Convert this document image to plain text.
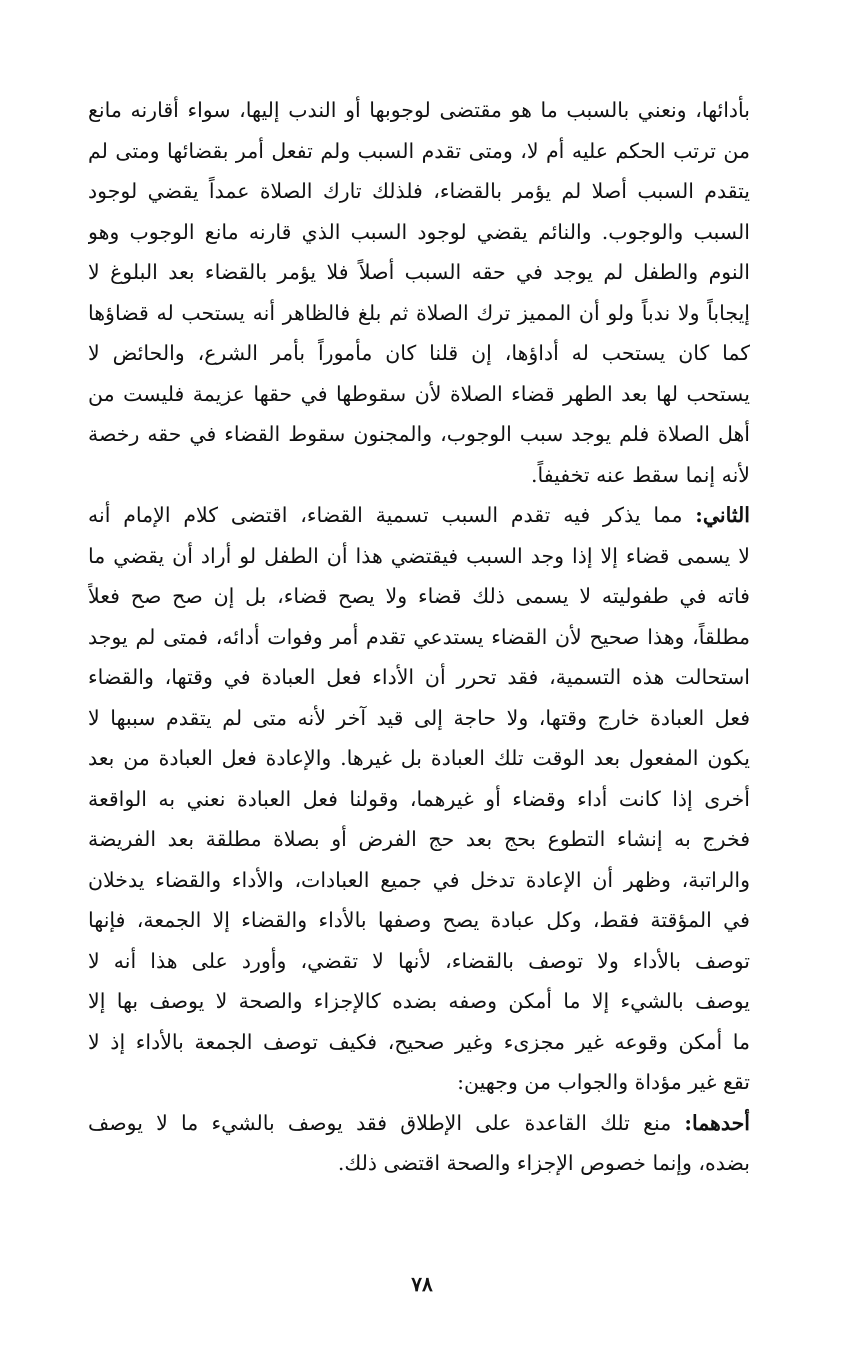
بأدائها، ونعني بالسبب ما هو مقتضى لوجوبها أو الندب إليها، سواء أقارنه مانع
من ترتب الحكم عليه أم لا، ومتى تقدم السبب ولم تفعل أمر بقضائها ومتى لم
يتقدم السبب أصلا لم يؤمر بالقضاء، فلذلك تارك الصلاة عمداً يقضي لوجود
السبب والوجوب. والنائم يقضي لوجود السبب الذي قارنه مانع الوجوب وهو
النوم والطفل لم يوجد في حقه السبب أصلاً فلا يؤمر بالقضاء بعد البلوغ لا
إيجاباً ولا ندباً ولو أن المميز ترك الصلاة ثم بلغ فالظاهر أنه يستحب له قضاؤها
كما كان يستحب له أداؤها، إن قلنا كان مأموراً بأمر الشرع، والحائض لا
يستحب لها بعد الطهر قضاء الصلاة لأن سقوطها في حقها عزيمة فليست من
أهل الصلاة فلم يوجد سبب الوجوب، والمجنون سقوط القضاء في حقه رخصة
لأنه إنما سقط عنه تخفيفاً.
الثاني: مما يذكر فيه تقدم السبب تسمية القضاء، اقتضى كلام الإمام أنه
لا يسمى قضاء إلا إذا وجد السبب فيقتضي هذا أن الطفل لو أراد أن يقضي ما
فاته في طفوليته لا يسمى ذلك قضاء ولا يصح قضاء، بل إن صح صح فعلاً
مطلقاً، وهذا صحيح لأن القضاء يستدعي تقدم أمر وفوات أدائه، فمتى لم يوجد
استحالت هذه التسمية، فقد تحرر أن الأداء فعل العبادة في وقتها، والقضاء
فعل العبادة خارج وقتها، ولا حاجة إلى قيد آخر لأنه متى لم يتقدم سببها لا
يكون المفعول بعد الوقت تلك العبادة بل غيرها. والإعادة فعل العبادة من بعد
أخرى إذا كانت أداء وقضاء أو غيرهما، وقولنا فعل العبادة نعني به الواقعة
فخرج به إنشاء التطوع بحج بعد حج الفرض أو بصلاة مطلقة بعد الفريضة
والراتبة، وظهر أن الإعادة تدخل في جميع العبادات، والأداء والقضاء يدخلان
في المؤقتة فقط، وكل عبادة يصح وصفها بالأداء والقضاء إلا الجمعة، فإنها
توصف بالأداء ولا توصف بالقضاء، لأنها لا تقضي، وأورد على هذا أنه لا
يوصف بالشيء إلا ما أمكن وصفه بضده كالإجزاء والصحة لا يوصف بها إلا
ما أمكن وقوعه غير مجزىء وغير صحيح، فكيف توصف الجمعة بالأداء إذ لا
تقع غير مؤداة والجواب من وجهين:
أحدهما: منع تلك القاعدة على الإطلاق فقد يوصف بالشيء ما لا يوصف
بضده، وإنما خصوص الإجزاء والصحة اقتضى ذلك.
٧٨
